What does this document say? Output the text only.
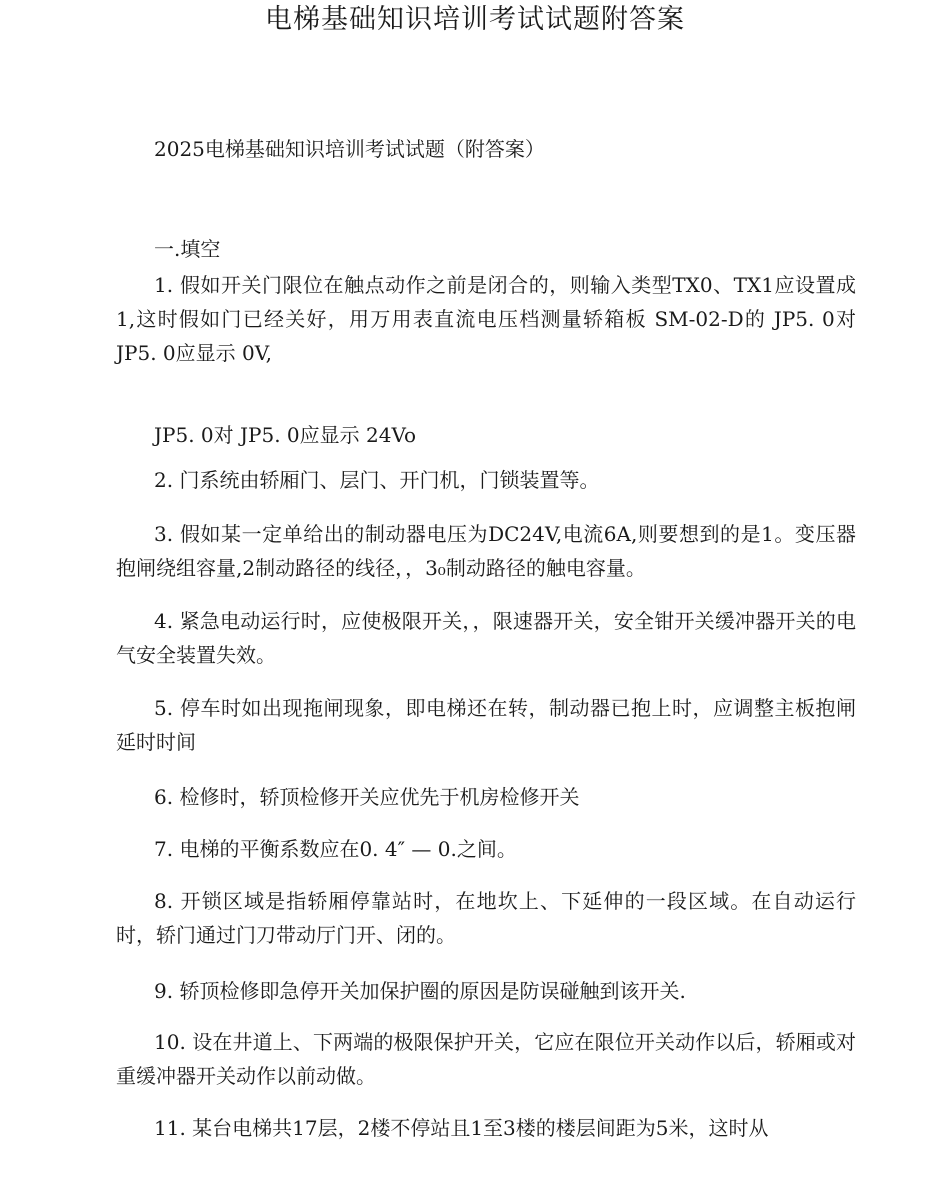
电梯基础知识培训考试试题附答案
2025电梯基础知识培训考试试题（附答案）
一.填空

1. 假如开关门限位在触点动作之前是闭合的，则输入类型TX0、TX1应设置成1,这时假如门已经关好，用万用表直流电压档测量轿箱板 SM-02-D的 JP5. 0对 JP5. 0应显示 0V,

JP5. 0对 JP5. 0应显示 24Vo

2. 门系统由轿厢门、层门、开门机，门锁装置等。

3. 假如某一定单给出的制动器电压为DC24V,电流6A,则要想到的是1。变压器抱闸绕组容量,2制动路径的线径，，3₀制动路径的触电容量。

4. 紧急电动运行时，应使极限开关，，限速器开关，安全钳开关缓冲器开关的电气安全装置失效。

5. 停车时如出现拖闸现象，即电梯还在转，制动器已抱上时，应调整主板抱闸延时时间

6. 检修时，轿顶检修开关应优先于机房检修开关

7. 电梯的平衡系数应在0. 4″ — 0.之间。

8. 开锁区域是指轿厢停靠站时，在地坎上、下延伸的一段区域。在自动运行时，轿门通过门刀带动厅门开、闭的。

9. 轿顶检修即急停开关加保护圈的原因是防误碰触到该开关.

10. 设在井道上、下两端的极限保护开关，它应在限位开关动作以后，轿厢或对重缓冲器开关动作以前动做。

11. 某台电梯共17层，2楼不停站且1至3楼的楼层间距为5米，这时从
